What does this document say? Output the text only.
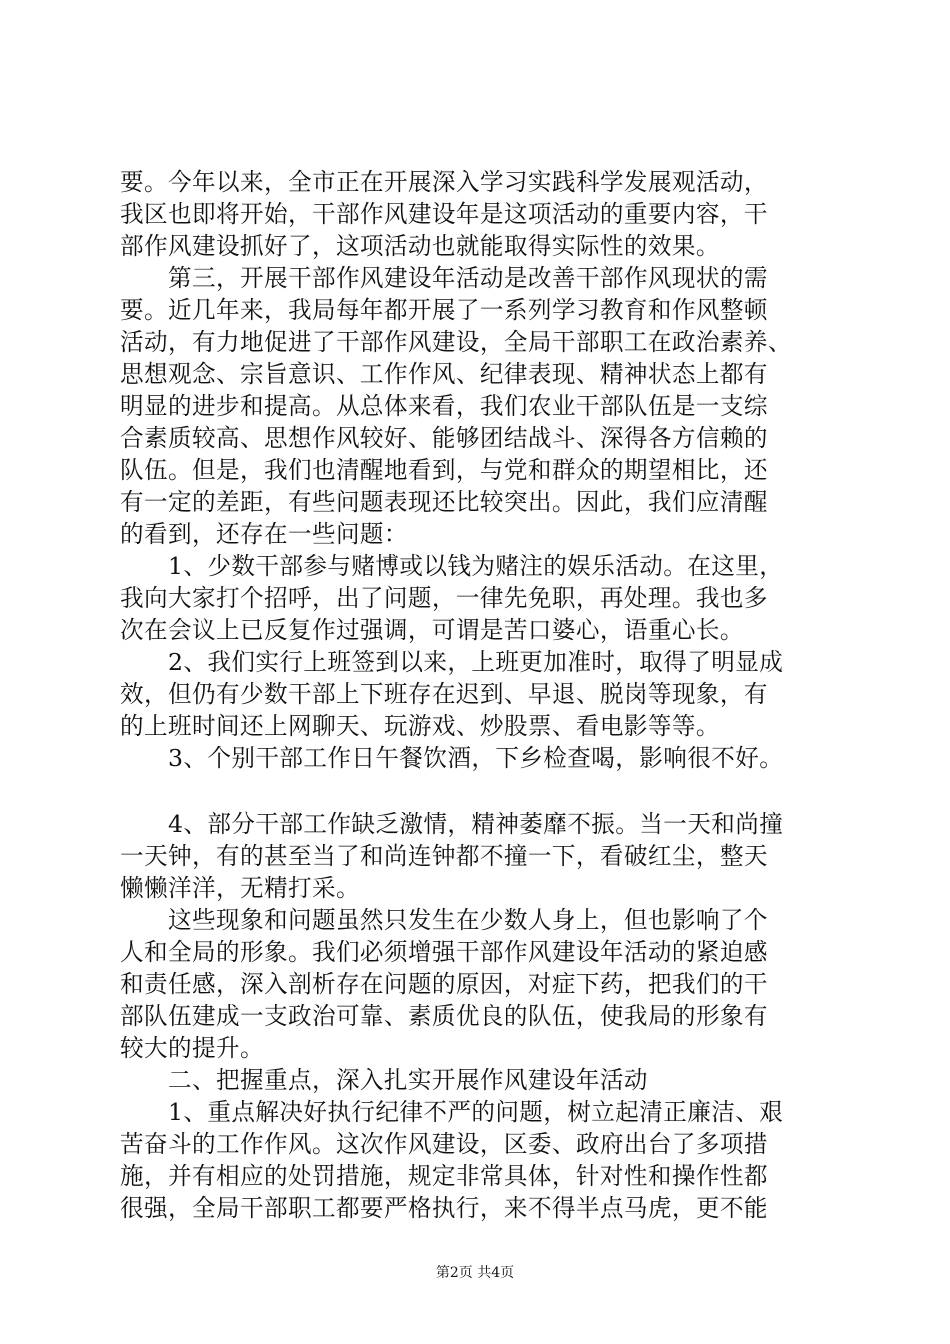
要。今年以来，全市正在开展深入学习实践科学发展观活动，
我区也即将开始，干部作风建设年是这项活动的重要内容，干
部作风建设抓好了，这项活动也就能取得实际性的效果。
　　第三，开展干部作风建设年活动是改善干部作风现状的需
要。近几年来，我局每年都开展了一系列学习教育和作风整顿
活动，有力地促进了干部作风建设，全局干部职工在政治素养、
思想观念、宗旨意识、工作作风、纪律表现、精神状态上都有
明显的进步和提高。从总体来看，我们农业干部队伍是一支综
合素质较高、思想作风较好、能够团结战斗、深得各方信赖的
队伍。但是，我们也清醒地看到，与党和群众的期望相比，还
有一定的差距，有些问题表现还比较突出。因此，我们应清醒
的看到，还存在一些问题：
　　1、少数干部参与赌博或以钱为赌注的娱乐活动。在这里，
我向大家打个招呼，出了问题，一律先免职，再处理。我也多
次在会议上已反复作过强调，可谓是苦口婆心，语重心长。
　　2、我们实行上班签到以来，上班更加准时，取得了明显成
效，但仍有少数干部上下班存在迟到、早退、脱岗等现象，有
的上班时间还上网聊天、玩游戏、炒股票、看电影等等。
　　3、个别干部工作日午餐饮酒，下乡检查喝，影响很不好。
　　4、部分干部工作缺乏激情，精神萎靡不振。当一天和尚撞
一天钟，有的甚至当了和尚连钟都不撞一下，看破红尘，整天
懒懒洋洋，无精打采。
　　这些现象和问题虽然只发生在少数人身上，但也影响了个
人和全局的形象。我们必须增强干部作风建设年活动的紧迫感
和责任感，深入剖析存在问题的原因，对症下药，把我们的干
部队伍建成一支政治可靠、素质优良的队伍，使我局的形象有
较大的提升。
　　二、把握重点，深入扎实开展作风建设年活动
　　1、重点解决好执行纪律不严的问题，树立起清正廉洁、艰
苦奋斗的工作作风。这次作风建设，区委、政府出台了多项措
施，并有相应的处罚措施，规定非常具体，针对性和操作性都
很强，全局干部职工都要严格执行，来不得半点马虎，更不能
第2页 共4页
